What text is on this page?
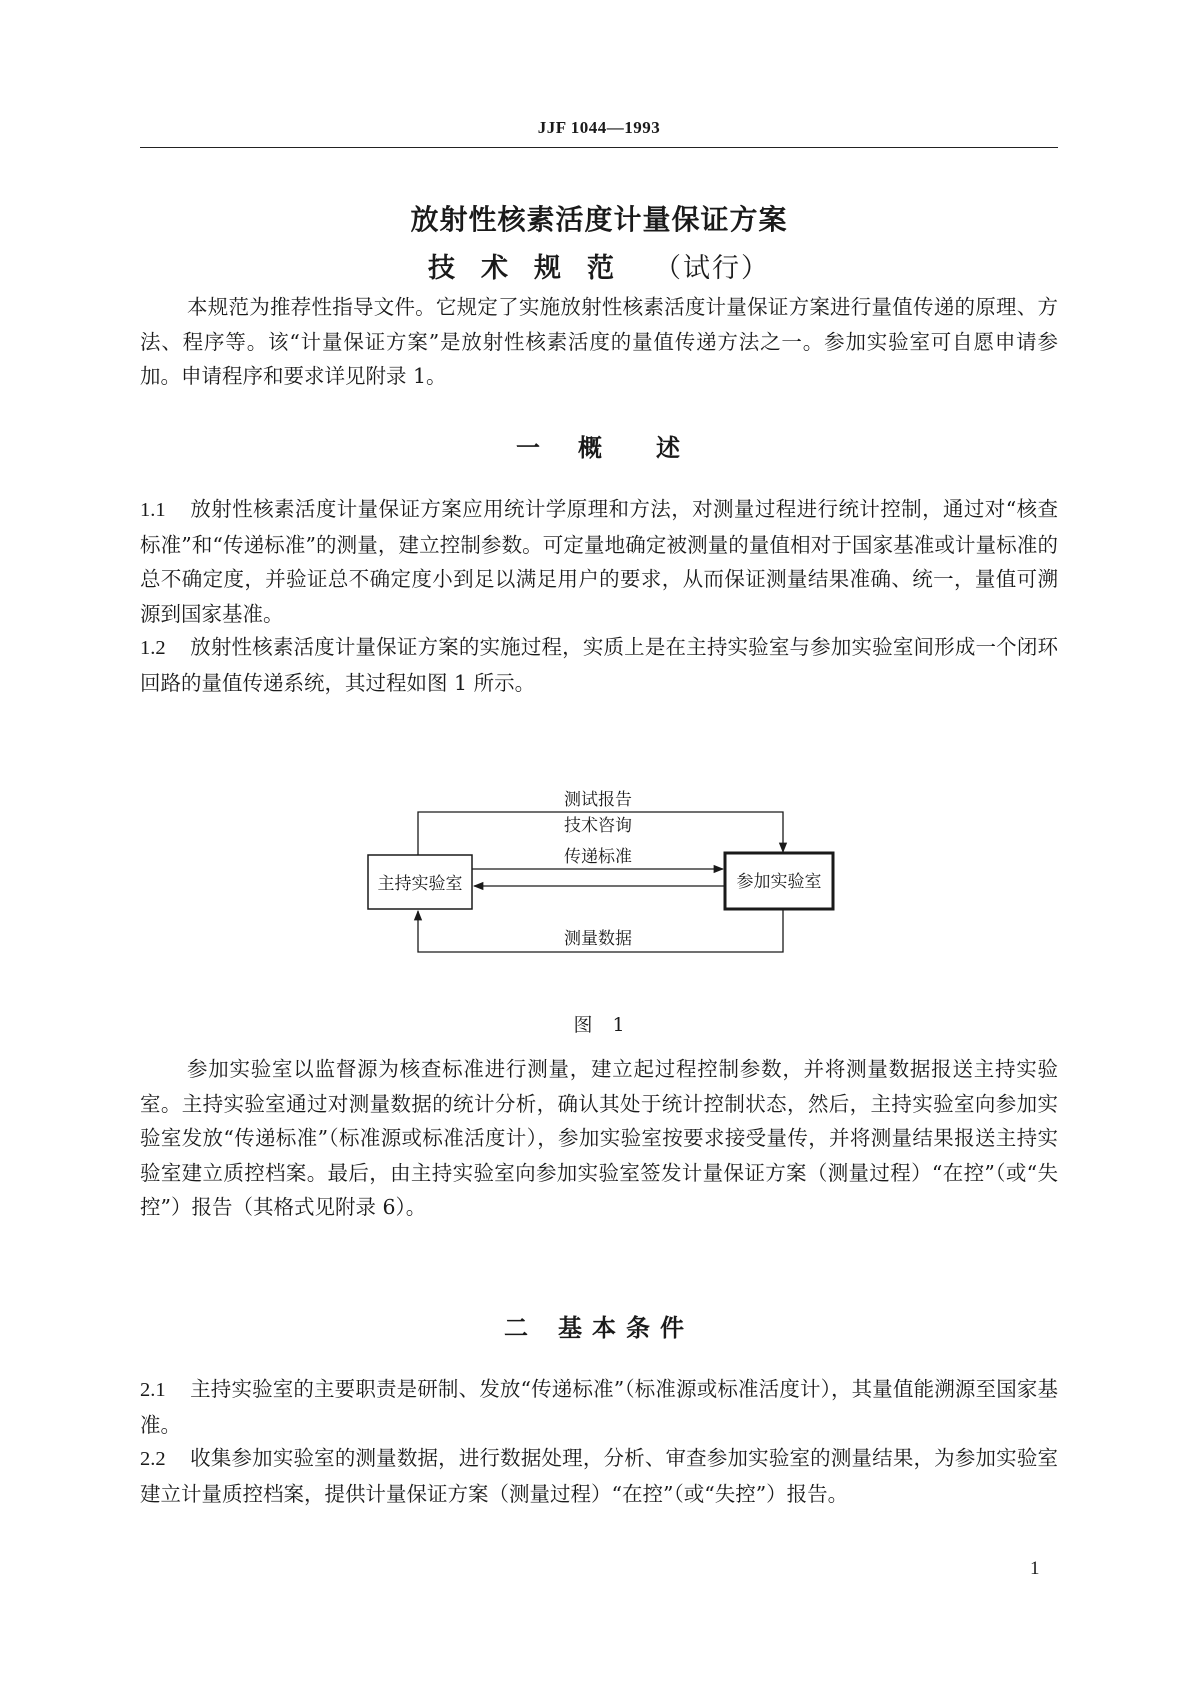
JJF 1044—1993
放射性核素活度计量保证方案
技术规范 （试行）

本规范为推荐性指导文件。它规定了实施放射性核素活度计量保证方案进行量值传递的原理、方法、程序等。该“计量保证方案”是放射性核素活度的量值传递方法之一。参加实验室可自愿申请参加。申请程序和要求详见附录 1。

一 概 述

1.1 放射性核素活度计量保证方案应用统计学原理和方法，对测量过程进行统计控制，通过对“核查标准”和“传递标准”的测量，建立控制参数。可定量地确定被测量的量值相对于国家基准或计量标准的总不确定度，并验证总不确定度小到足以满足用户的要求，从而保证测量结果准确、统一，量值可溯源到国家基准。

1.2 放射性核素活度计量保证方案的实施过程，实质上是在主持实验室与参加实验室间形成一个闭环回路的量值传递系统，其过程如图 1 所示。

主持实验室	参加实验室
测试报告
技术咨询
传递标准
测量数据
图1

参加实验室以监督源为核查标准进行测量，建立起过程控制参数，并将测量数据报送主持实验室。主持实验室通过对测量数据的统计分析，确认其处于统计控制状态，然后，主持实验室向参加实验室发放“传递标准”（标准源或标准活度计），参加实验室按要求接受量传，并将测量结果报送主持实验室建立质控档案。最后，由主持实验室向参加实验室签发计量保证方案（测量过程）“在控”（或“失控”）报告（其格式见附录 6）。

二 基本条件

2.1 主持实验室的主要职责是研制、发放“传递标准”（标准源或标准活度计），其量值能溯源至国家基准。

2.2 收集参加实验室的测量数据，进行数据处理，分析、审查参加实验室的测量结果，为参加实验室建立计量质控档案，提供计量保证方案（测量过程）“在控”（或“失控”）报告。

1
